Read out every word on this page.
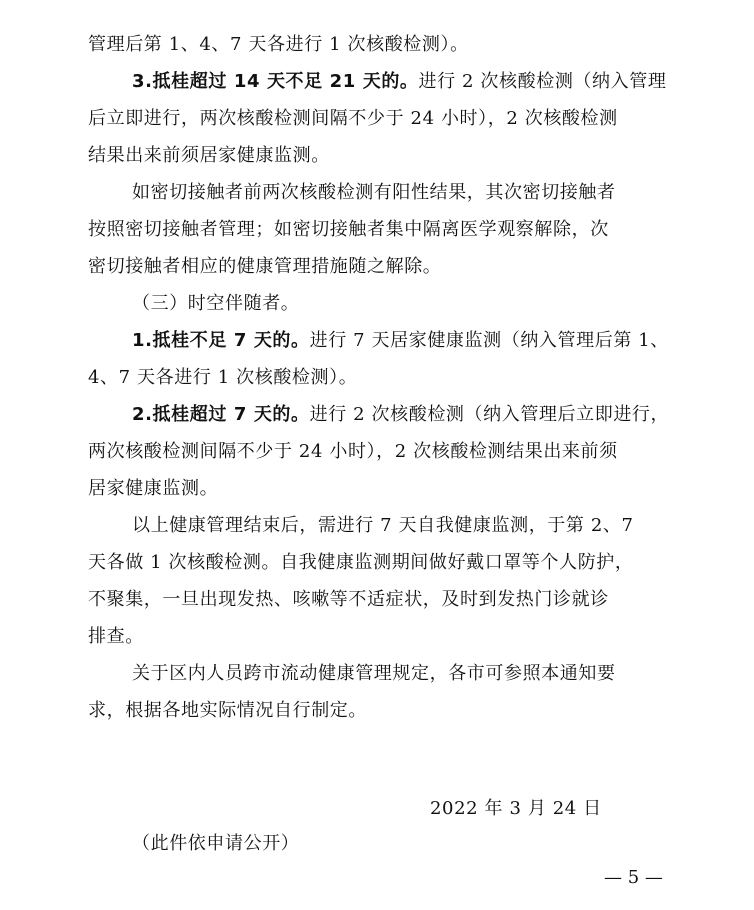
管理后第 1、4、7 天各进行 1 次核酸检测）。
3.抵桂超过 14 天不足 21 天的。进行 2 次核酸检测（纳入管理
后立即进行，两次核酸检测间隔不少于 24 小时），2 次核酸检测
结果出来前须居家健康监测。
如密切接触者前两次核酸检测有阳性结果，其次密切接触者
按照密切接触者管理；如密切接触者集中隔离医学观察解除，次
密切接触者相应的健康管理措施随之解除。
（三）时空伴随者。
1.抵桂不足 7 天的。进行 7 天居家健康监测（纳入管理后第 1、
4、7 天各进行 1 次核酸检测）。
2.抵桂超过 7 天的。进行 2 次核酸检测（纳入管理后立即进行，
两次核酸检测间隔不少于 24 小时），2 次核酸检测结果出来前须
居家健康监测。
以上健康管理结束后，需进行 7 天自我健康监测，于第 2、7
天各做 1 次核酸检测。自我健康监测期间做好戴口罩等个人防护，
不聚集，一旦出现发热、咳嗽等不适症状，及时到发热门诊就诊
排查。
关于区内人员跨市流动健康管理规定，各市可参照本通知要
求，根据各地实际情况自行制定。
2022 年 3 月 24 日
（此件依申请公开）
— 5 —
